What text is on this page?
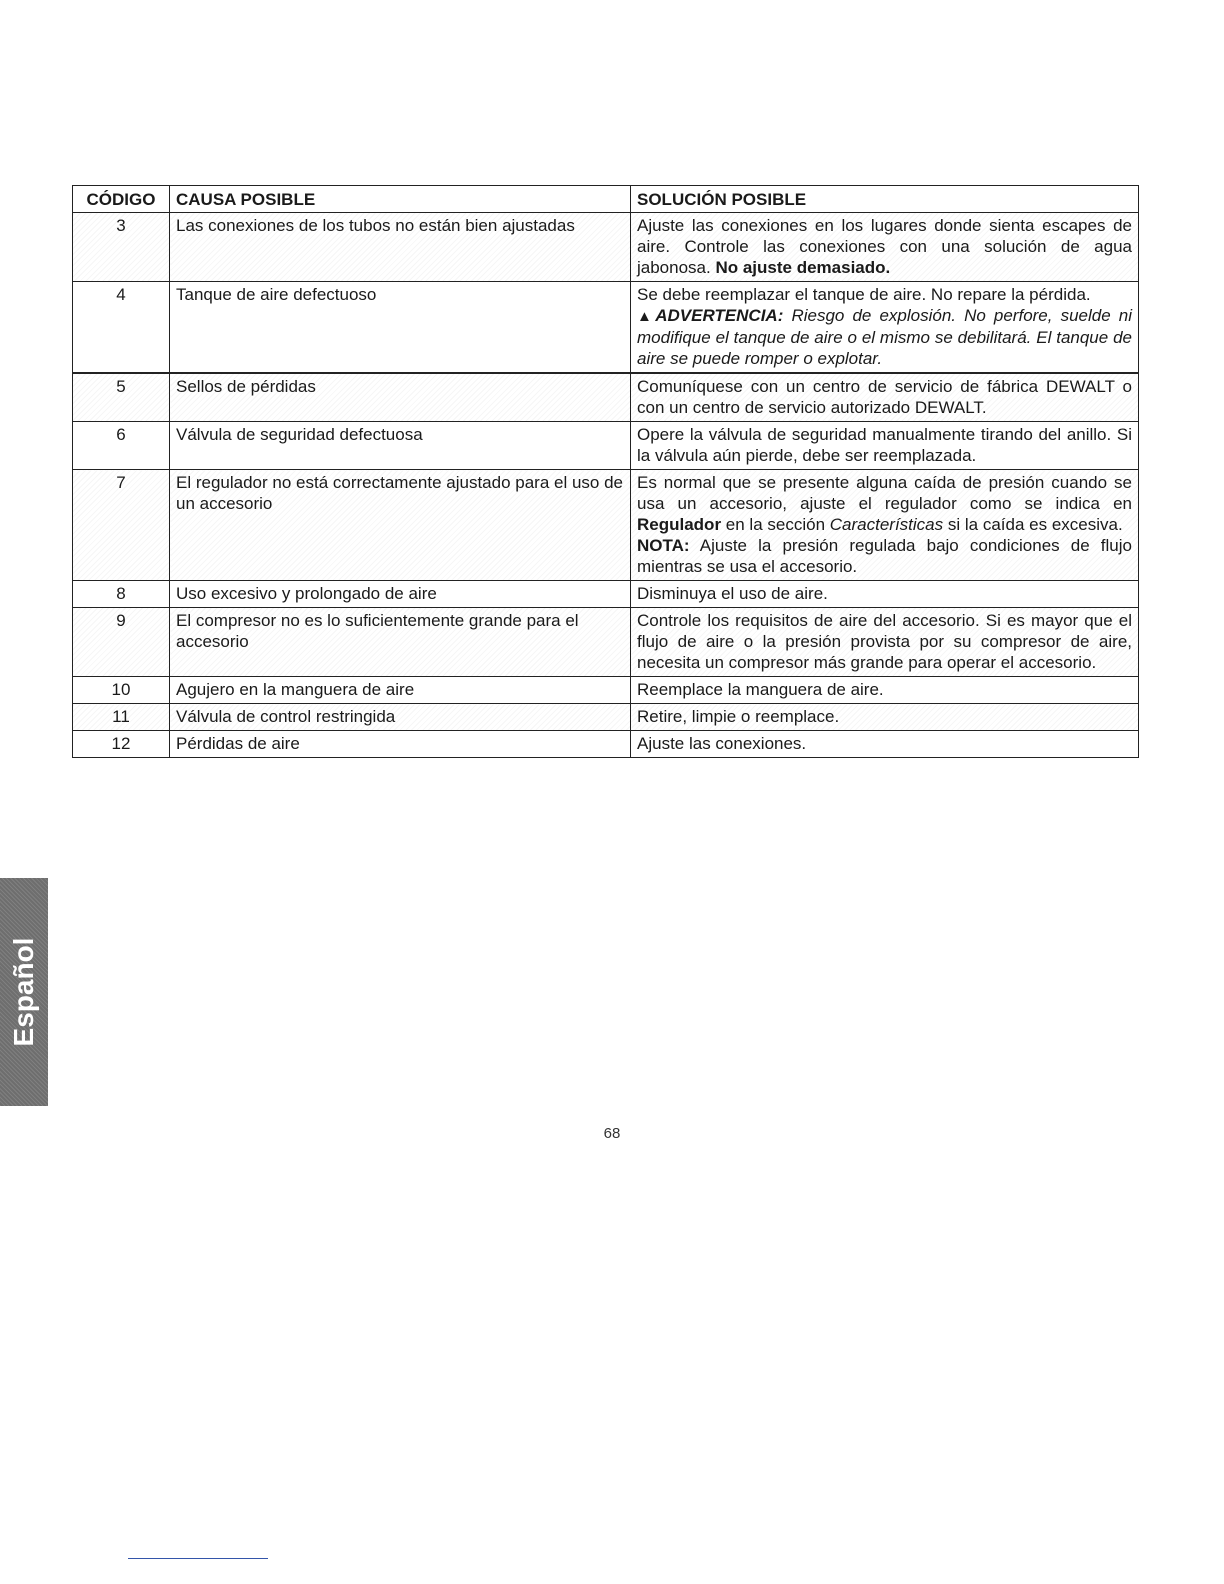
CÓDIGO	CAUSA POSIBLE	SOLUCIÓN POSIBLE
3	Las conexiones de los tubos no están bien ajustadas	Ajuste las conexiones en los lugares donde sienta escapes de aire. Controle las conexiones con una solución de agua jabonosa. No ajuste demasiado.
4	Tanque de aire defectuoso	Se debe reemplazar el tanque de aire. No repare la pérdida.
▲ADVERTENCIA: Riesgo de explosión. No perfore, suelde ni modifique el tanque de aire o el mismo se debilitará. El tanque de aire se puede romper o explotar.

5	Sellos de pérdidas	Comuníquese con un centro de servicio de fábrica DEWALT o con un centro de servicio autorizado DEWALT.
6	Válvula de seguridad defectuosa	Opere la válvula de seguridad manualmente tirando del anillo. Si la válvula aún pierde, debe ser reemplazada.
7	El regulador no está correctamente ajustado para el uso de un accesorio	Es normal que se presente alguna caída de presión cuando se usa un accesorio, ajuste el regulador como se indica en Regulador en la sección Características si la caída es excesiva.
NOTA: Ajuste la presión regulada bajo condiciones de flujo mientras se usa el accesorio.

8	Uso excesivo y prolongado de aire	Disminuya el uso de aire.
9	El compresor no es lo suficientemente grande para el accesorio	Controle los requisitos de aire del accesorio. Si es mayor que el flujo de aire o la presión provista por su compresor de aire, necesita un compresor más grande para operar el accesorio.
10	Agujero en la manguera de aire	Reemplace la manguera de aire.
11	Válvula de control restringida	Retire, limpie o reemplace.
12	Pérdidas de aire	Ajuste las conexiones.
68
Español
